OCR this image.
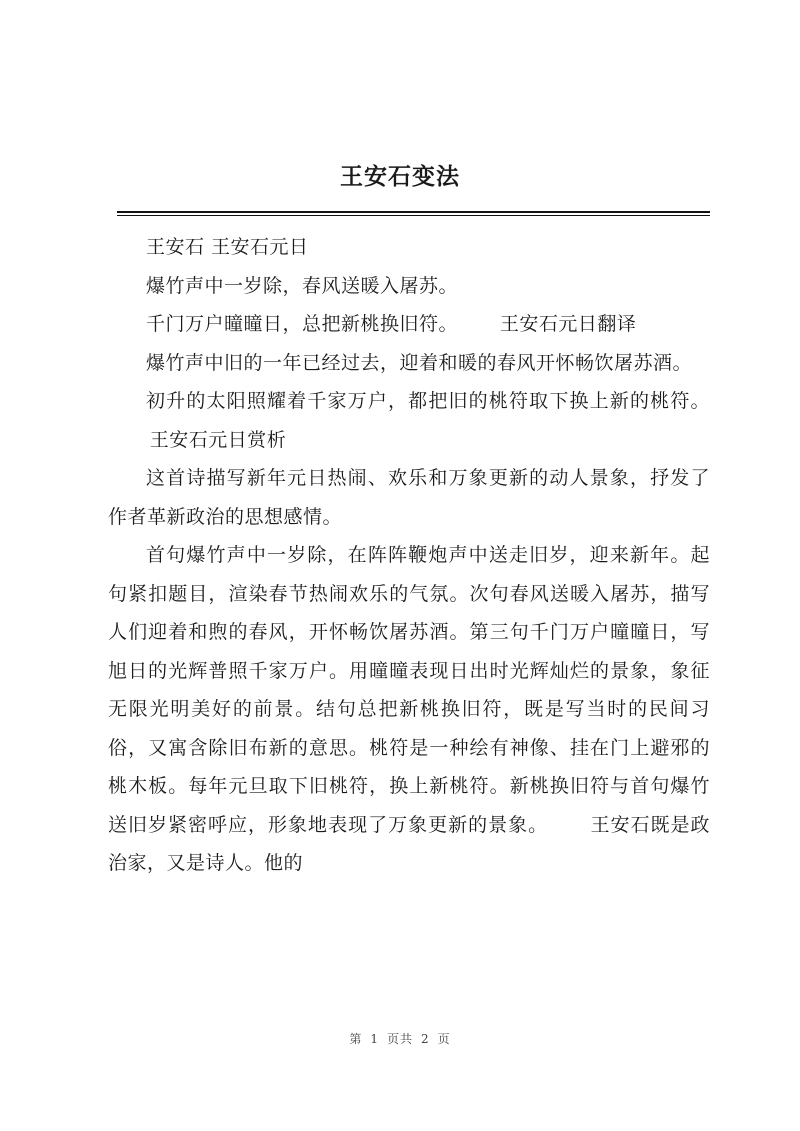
王安石变法

王安石 王安石元日

爆竹声中一岁除，春风送暖入屠苏。

千门万户曈曈日，总把新桃换旧符。 王安石元日翻译

爆竹声中旧的一年已经过去，迎着和暖的春风开怀畅饮屠苏酒。

初升的太阳照耀着千家万户，都把旧的桃符取下换上新的桃符。王安石元日赏析

这首诗描写新年元日热闹、欢乐和万象更新的动人景象，抒发了作者革新政治的思想感情。

首句爆竹声中一岁除，在阵阵鞭炮声中送走旧岁，迎来新年。起句紧扣题目，渲染春节热闹欢乐的气氛。次句春风送暖入屠苏，描写人们迎着和煦的春风，开怀畅饮屠苏酒。第三句千门万户曈曈日，写旭日的光辉普照千家万户。用曈曈表现日出时光辉灿烂的景象，象征无限光明美好的前景。结句总把新桃换旧符，既是写当时的民间习俗，又寓含除旧布新的意思。桃符是一种绘有神像、挂在门上避邪的桃木板。每年元旦取下旧桃符，换上新桃符。新桃换旧符与首句爆竹送旧岁紧密呼应，形象地表现了万象更新的景象。 王安石既是政治家，又是诗人。他的

第 1 页共 2 页
